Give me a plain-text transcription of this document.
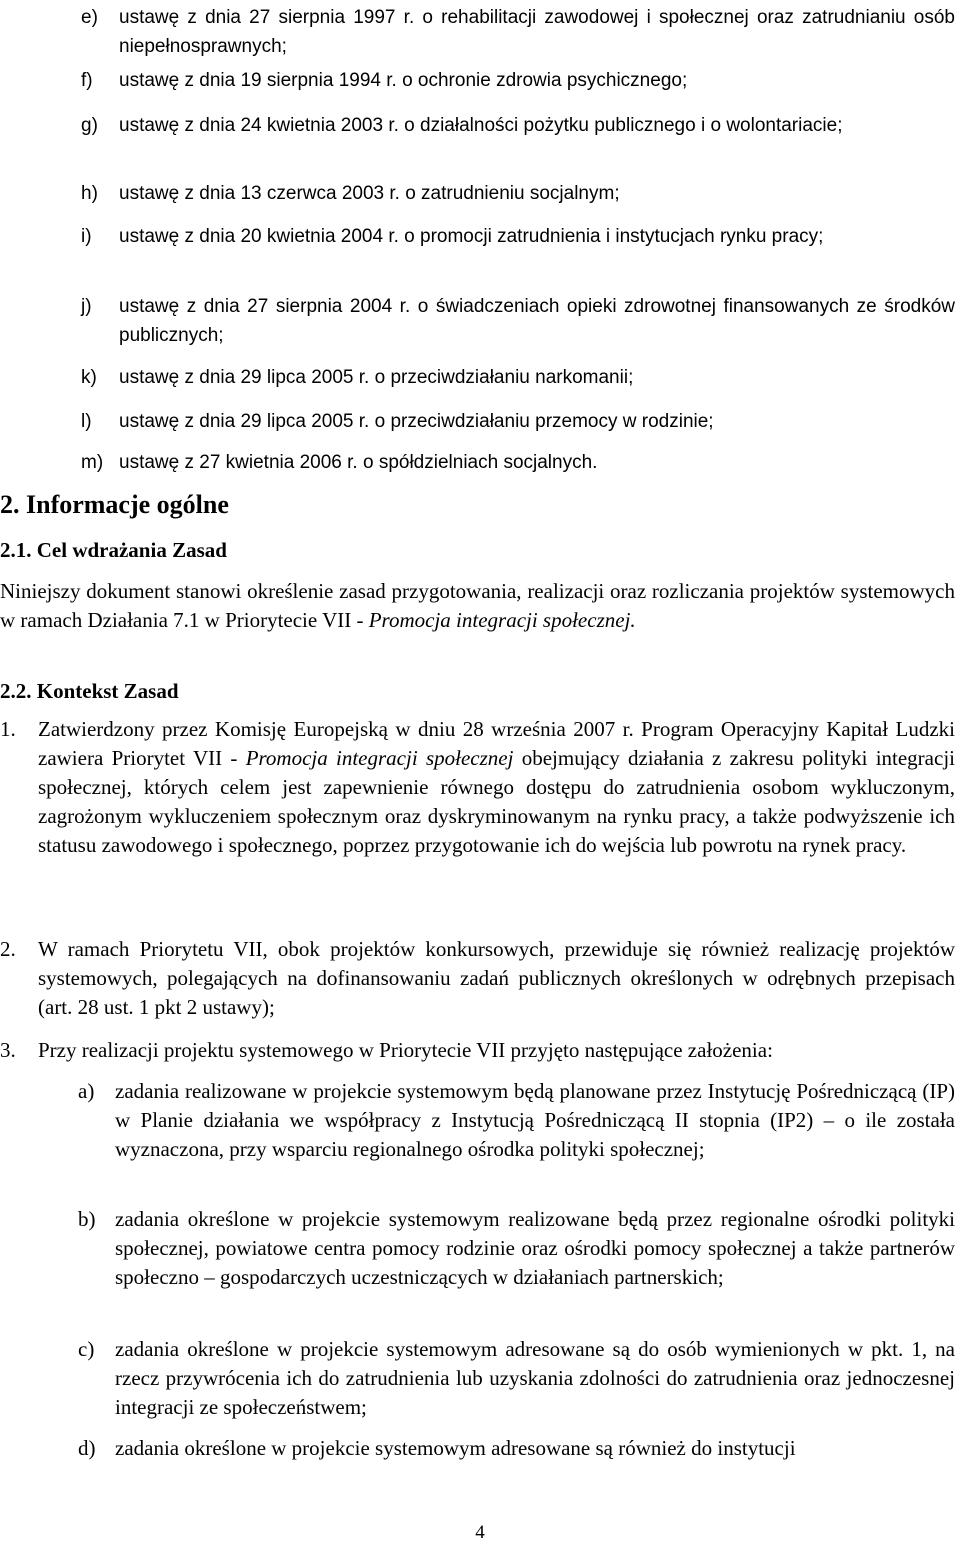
e) ustawę z dnia 27 sierpnia 1997 r. o rehabilitacji zawodowej i społecznej oraz zatrudnianiu osób niepełnosprawnych;
f) ustawę z dnia 19 sierpnia 1994 r. o ochronie zdrowia psychicznego;
g) ustawę z dnia 24 kwietnia 2003 r. o działalności pożytku publicznego i o wolontariacie;
h) ustawę z dnia 13 czerwca 2003 r. o zatrudnieniu socjalnym;
i) ustawę z dnia 20 kwietnia 2004 r. o promocji zatrudnienia i instytucjach rynku pracy;
j) ustawę z dnia 27 sierpnia 2004 r. o świadczeniach opieki zdrowotnej finansowanych ze środków publicznych;
k) ustawę z dnia 29 lipca 2005 r. o przeciwdziałaniu narkomanii;
l) ustawę z dnia 29 lipca 2005 r. o przeciwdziałaniu przemocy w rodzinie;
m) ustawę z 27 kwietnia 2006 r. o spółdzielniach socjalnych.
2. Informacje ogólne
2.1. Cel wdrażania Zasad
Niniejszy dokument stanowi określenie zasad przygotowania, realizacji oraz rozliczania projektów systemowych w ramach Działania 7.1 w Priorytecie VII - Promocja integracji społecznej.
2.2. Kontekst Zasad
1. Zatwierdzony przez Komisję Europejską w dniu 28 września 2007 r. Program Operacyjny Kapitał Ludzki zawiera Priorytet VII - Promocja integracji społecznej obejmujący działania z zakresu polityki integracji społecznej, których celem jest zapewnienie równego dostępu do zatrudnienia osobom wykluczonym, zagrożonym wykluczeniem społecznym oraz dyskryminowanym na rynku pracy, a także podwyższenie ich statusu zawodowego i społecznego, poprzez przygotowanie ich do wejścia lub powrotu na rynek pracy.
2. W ramach Priorytetu VII, obok projektów konkursowych, przewiduje się również realizację projektów systemowych, polegających na dofinansowaniu zadań publicznych określonych w odrębnych przepisach (art. 28 ust. 1 pkt 2 ustawy);
3. Przy realizacji projektu systemowego w Priorytecie VII przyjęto następujące założenia:
a) zadania realizowane w projekcie systemowym będą planowane przez Instytucję Pośredniczącą (IP) w Planie działania we współpracy z Instytucją Pośredniczącą II stopnia (IP2) – o ile została wyznaczona, przy wsparciu regionalnego ośrodka polityki społecznej;
b) zadania określone w projekcie systemowym realizowane będą przez regionalne ośrodki polityki społecznej, powiatowe centra pomocy rodzinie oraz ośrodki pomocy społecznej a także partnerów społeczno – gospodarczych uczestniczących w działaniach partnerskich;
c) zadania określone w projekcie systemowym adresowane są do osób wymienionych w pkt. 1, na rzecz przywrócenia ich do zatrudnienia lub uzyskania zdolności do zatrudnienia oraz jednoczesnej integracji ze społeczeństwem;
d) zadania określone w projekcie systemowym adresowane są również do instytucji
4
